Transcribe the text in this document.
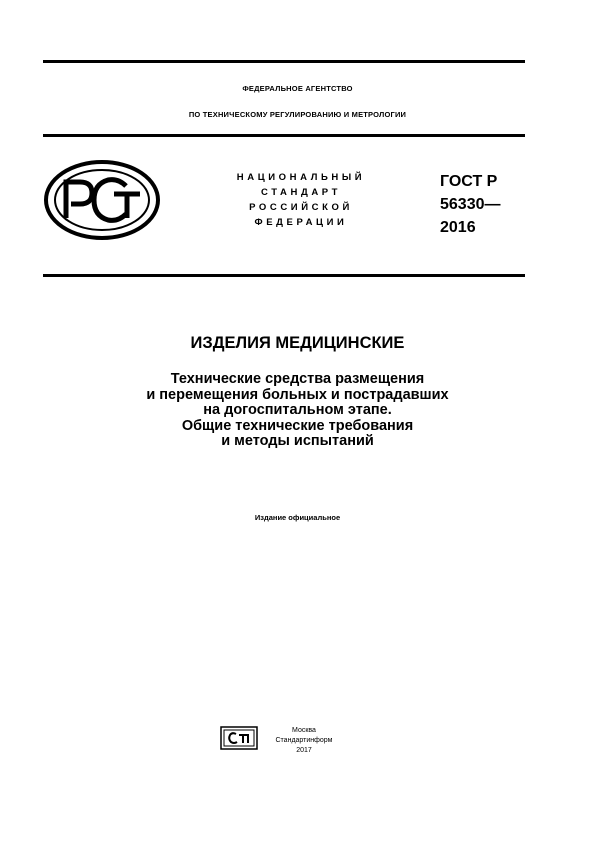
ФЕДЕРАЛЬНОЕ АГЕНТСТВО
ПО ТЕХНИЧЕСКОМУ РЕГУЛИРОВАНИЮ И МЕТРОЛОГИИ
НАЦИОНАЛЬНЫЙ
СТАНДАРТ
РОССИЙСКОЙ
ФЕДЕРАЦИИ
ГОСТ Р
56330—
2016
ИЗДЕЛИЯ МЕДИЦИНСКИЕ
Технические средства размещения
и перемещения больных и пострадавших
на догоспитальном этапе.
Общие технические требования
и методы испытаний
Издание официальное
Москва
Стандартинформ
2017
